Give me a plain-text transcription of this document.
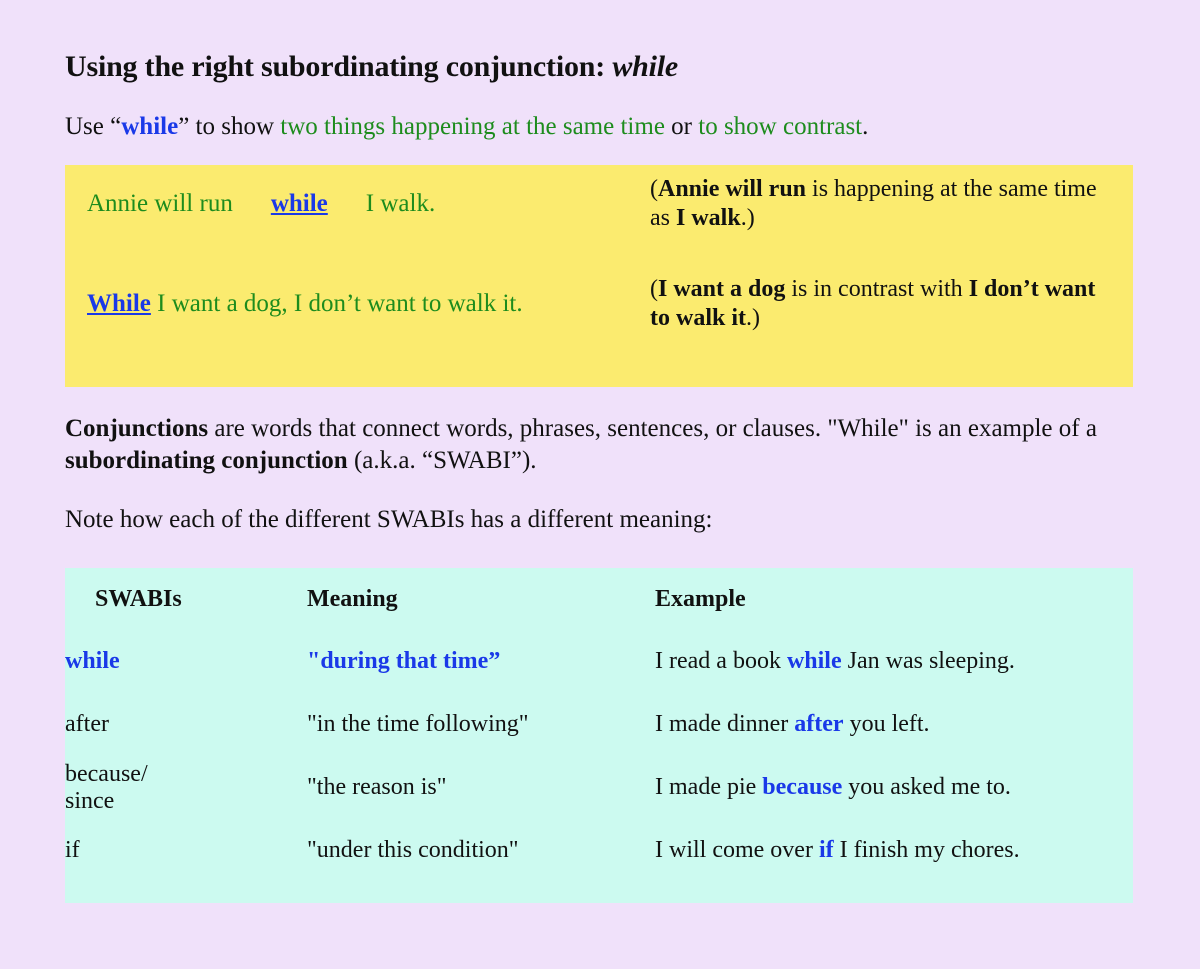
Using the right subordinating conjunction: while
Use “while” to show two things happening at the same time or to show contrast.
Annie will run while I walk.
(Annie will run is happening at the same time as I walk.)
While I want a dog, I don’t want to walk it.
(I want a dog is in contrast with I don’t want to walk it.)
Conjunctions are words that connect words, phrases, sentences, or clauses. "While" is an example of a subordinating conjunction (a.k.a. “SWABI”).
Note how each of the different SWABIs has a different meaning:
SWABIs	Meaning	Example
while	"during that time”	I read a book while Jan was sleeping.
after	"in the time following"	I made dinner after you left.

because/
since	"the reason is"	I made pie because you asked me to.
if	"under this condition"	I will come over if I finish my chores.
